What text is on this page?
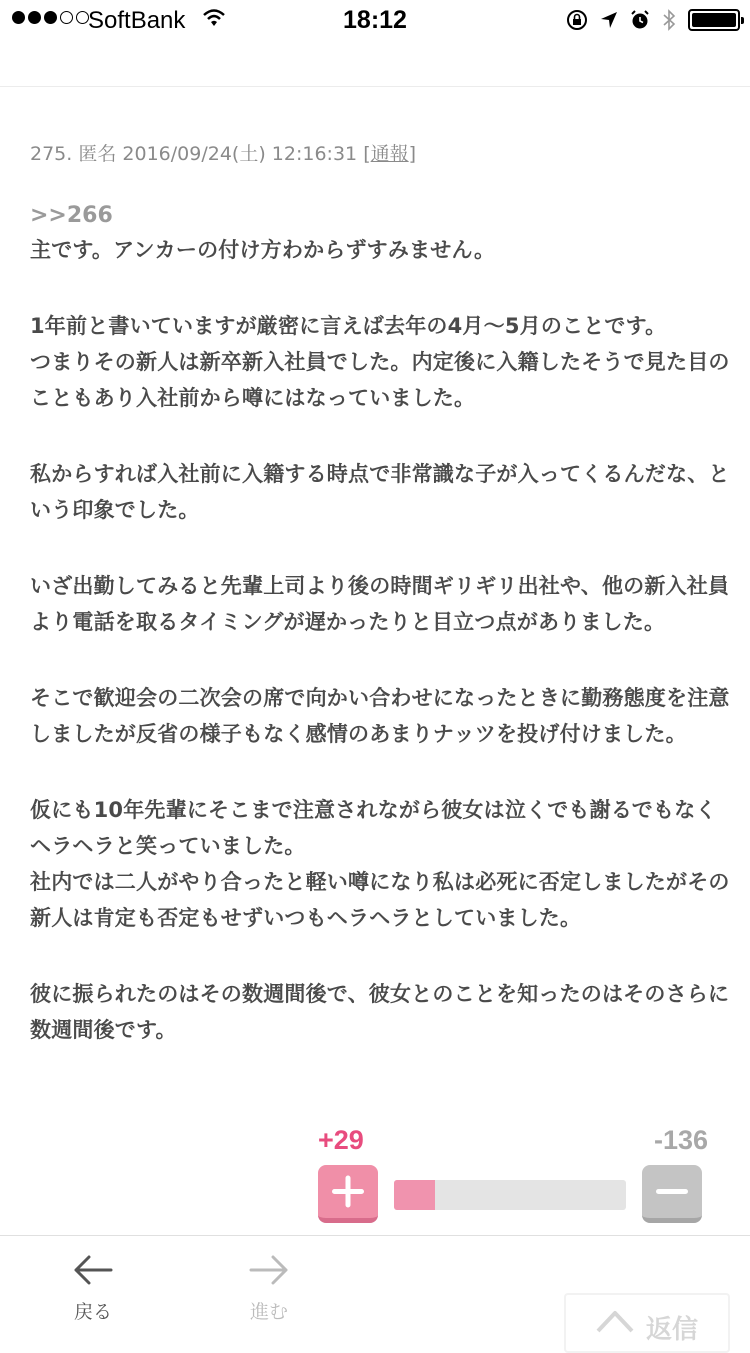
SoftBank	18:12
275. 匿名 2016/09/24(土) 12:16:31 [通報]
>>266

主です。アンカーの付け方わからずすみません。

1年前と書いていますが厳密に言えば去年の4月〜5月のことです。
つまりその新人は新卒新入社員でした。内定後に入籍したそうで見た目のこともあり入社前から噂にはなっていました。

私からすれば入社前に入籍する時点で非常識な子が入ってくるんだな、という印象でした。

いざ出勤してみると先輩上司より後の時間ギリギリ出社や、他の新入社員より電話を取るタイミングが遅かったりと目立つ点がありました。

そこで歓迎会の二次会の席で向かい合わせになったときに勤務態度を注意しましたが反省の様子もなく感情のあまりナッツを投げ付けました。

仮にも10年先輩にそこまで注意されながら彼女は泣くでも謝るでもなくヘラヘラと笑っていました。
社内では二人がやり合ったと軽い噂になり私は必死に否定しましたがその新人は肯定も否定もせずいつもヘラヘラとしていました。

彼に振られたのはその数週間後で、彼女とのことを知ったのはそのさらに数週間後です。

+29	-136
戻る	進む
返信
